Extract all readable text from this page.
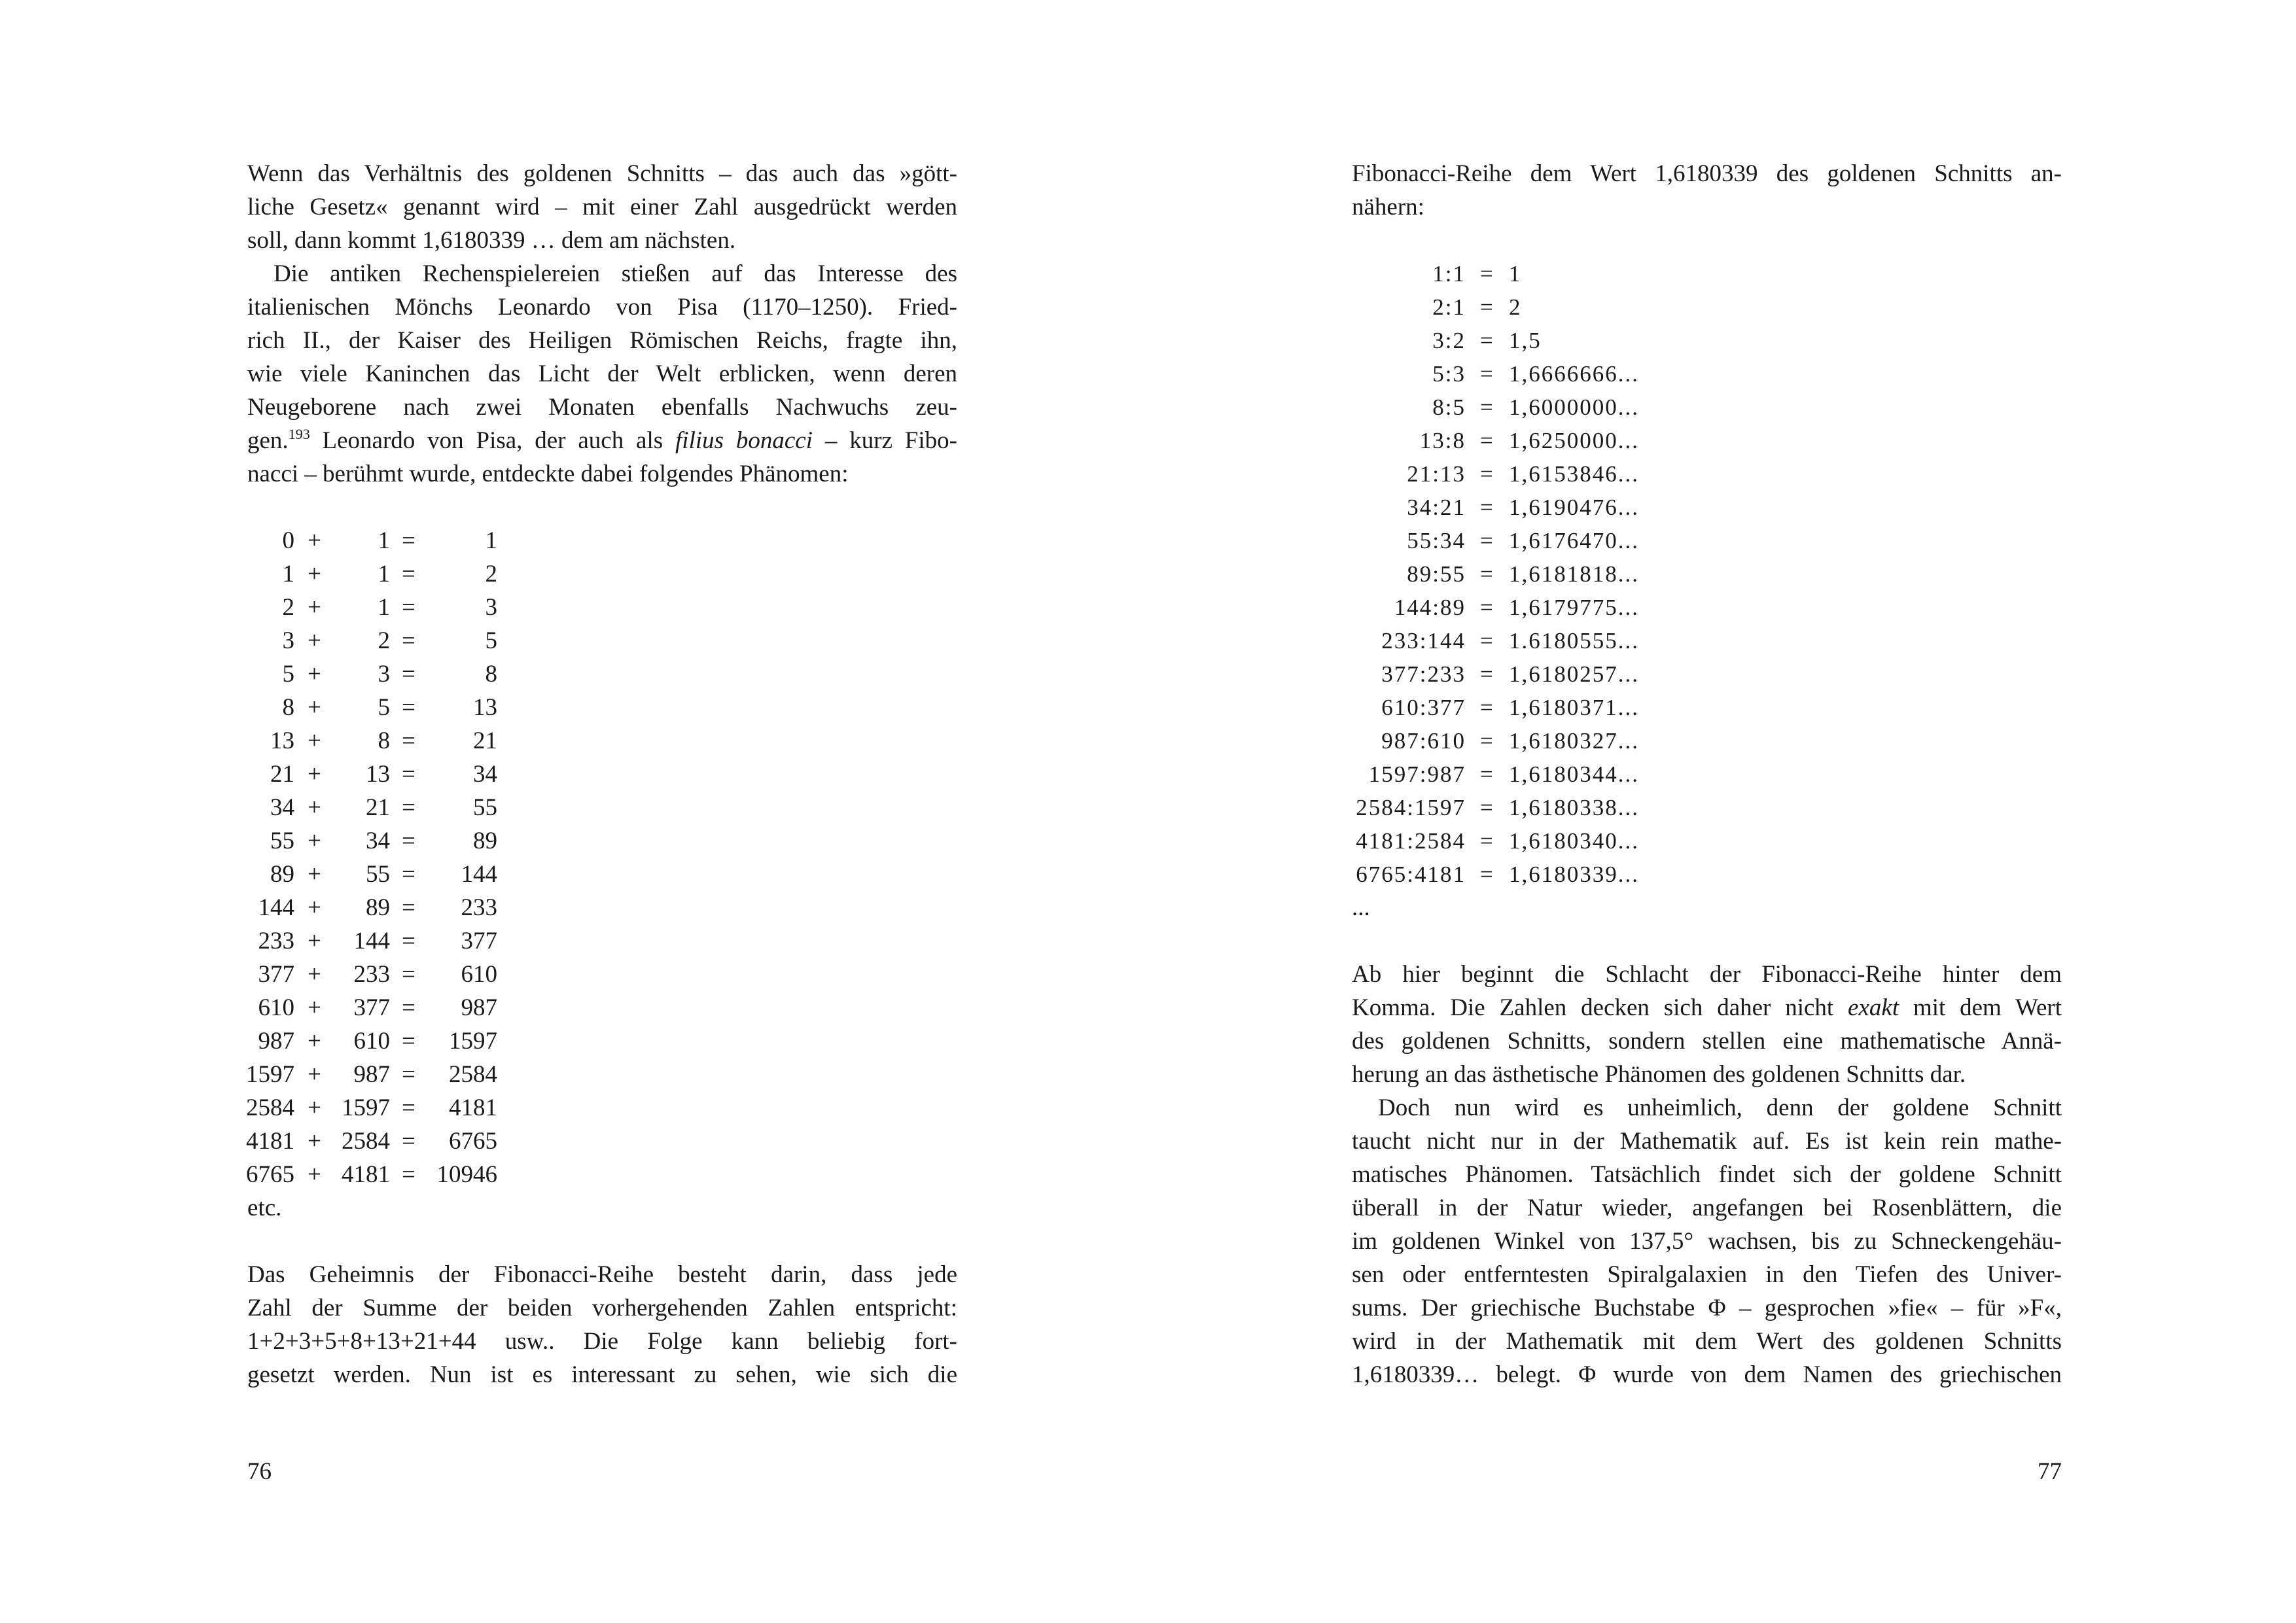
Wenn das Verhältnis des goldenen Schnitts – das auch das »gött-
liche Gesetz« genannt wird – mit einer Zahl ausgedrückt werden
soll, dann kommt 1,6180339 … dem am nächsten.
Die antiken Rechenspielereien stießen auf das Interesse des
italienischen Mönchs Leonardo von Pisa (1170–1250). Fried-
rich II., der Kaiser des Heiligen Römischen Reichs, fragte ihn,
wie viele Kaninchen das Licht der Welt erblicken, wenn deren
Neugeborene nach zwei Monaten ebenfalls Nachwuchs zeu-
gen.$^{193}$ Leonardo von Pisa, der auch als filius bonacci – kurz Fibo-
nacci – berühmt wurde, entdeckte dabei folgendes Phänomen:
0 + 1 =	1
1 + 1 =	2
2 + 1 =	3
3 + 2 =	5
5 + 3 =	8
8 + 5 = 13
13 + 8 = 21
21 + 13 = 34
34 + 21 = 55
55 + 34 = 89
89 + 55 = 144
144 + 89 = 233
233 + 144 = 377
377 + 233 = 610
610 + 377 = 987
987 + 610 = 1597
1597 + 987 = 2584
2584 + 1597 = 4181
4181 + 2584 = 6765
6765 + 4181 = 10946
etc.
Das Geheimnis der Fibonacci-Reihe besteht darin, dass jede
Zahl der Summe der beiden vorhergehenden Zahlen entspricht:
1+2+3+5+8+13+21+44 usw.. Die Folge kann beliebig fort-
gesetzt werden. Nun ist es interessant zu sehen, wie sich die
Fibonacci-Reihe dem Wert 1,6180339 des goldenen Schnitts an-
nähern:
1:1 = 1
2:1 = 2
3:2 = 1,5
5:3 = 1,6666666...
8:5 = 1,6000000...
13:8 = 1,6250000...
21:13 = 1,6153846...
34:21 = 1,6190476...
55:34 = 1,6176470...
89:55 = 1,6181818...
144:89 = 1,6179775...
233:144 = 1.6180555...
377:233 = 1,6180257...
610:377 = 1,6180371...
987:610 = 1,6180327...
1597:987 = 1,6180344...
2584:1597 = 1,6180338...
4181:2584 = 1,6180340...
6765:4181 = 1,6180339...
...
Ab hier beginnt die Schlacht der Fibonacci-Reihe hinter dem
Komma. Die Zahlen decken sich daher nicht exakt mit dem Wert
des goldenen Schnitts, sondern stellen eine mathematische Annä-
herung an das ästhetische Phänomen des goldenen Schnitts dar.
Doch nun wird es unheimlich, denn der goldene Schnitt
taucht nicht nur in der Mathematik auf. Es ist kein rein mathe-
matisches Phänomen. Tatsächlich findet sich der goldene Schnitt
überall in der Natur wieder, angefangen bei Rosenblättern, die
im goldenen Winkel von 137,5° wachsen, bis zu Schneckengehäu-
sen oder entferntesten Spiralgalaxien in den Tiefen des Univer-
sums. Der griechische Buchstabe Φ – gesprochen »fie« – für »F«,
wird in der Mathematik mit dem Wert des goldenen Schnitts
1,6180339… belegt. Φ wurde von dem Namen des griechischen
76	77
